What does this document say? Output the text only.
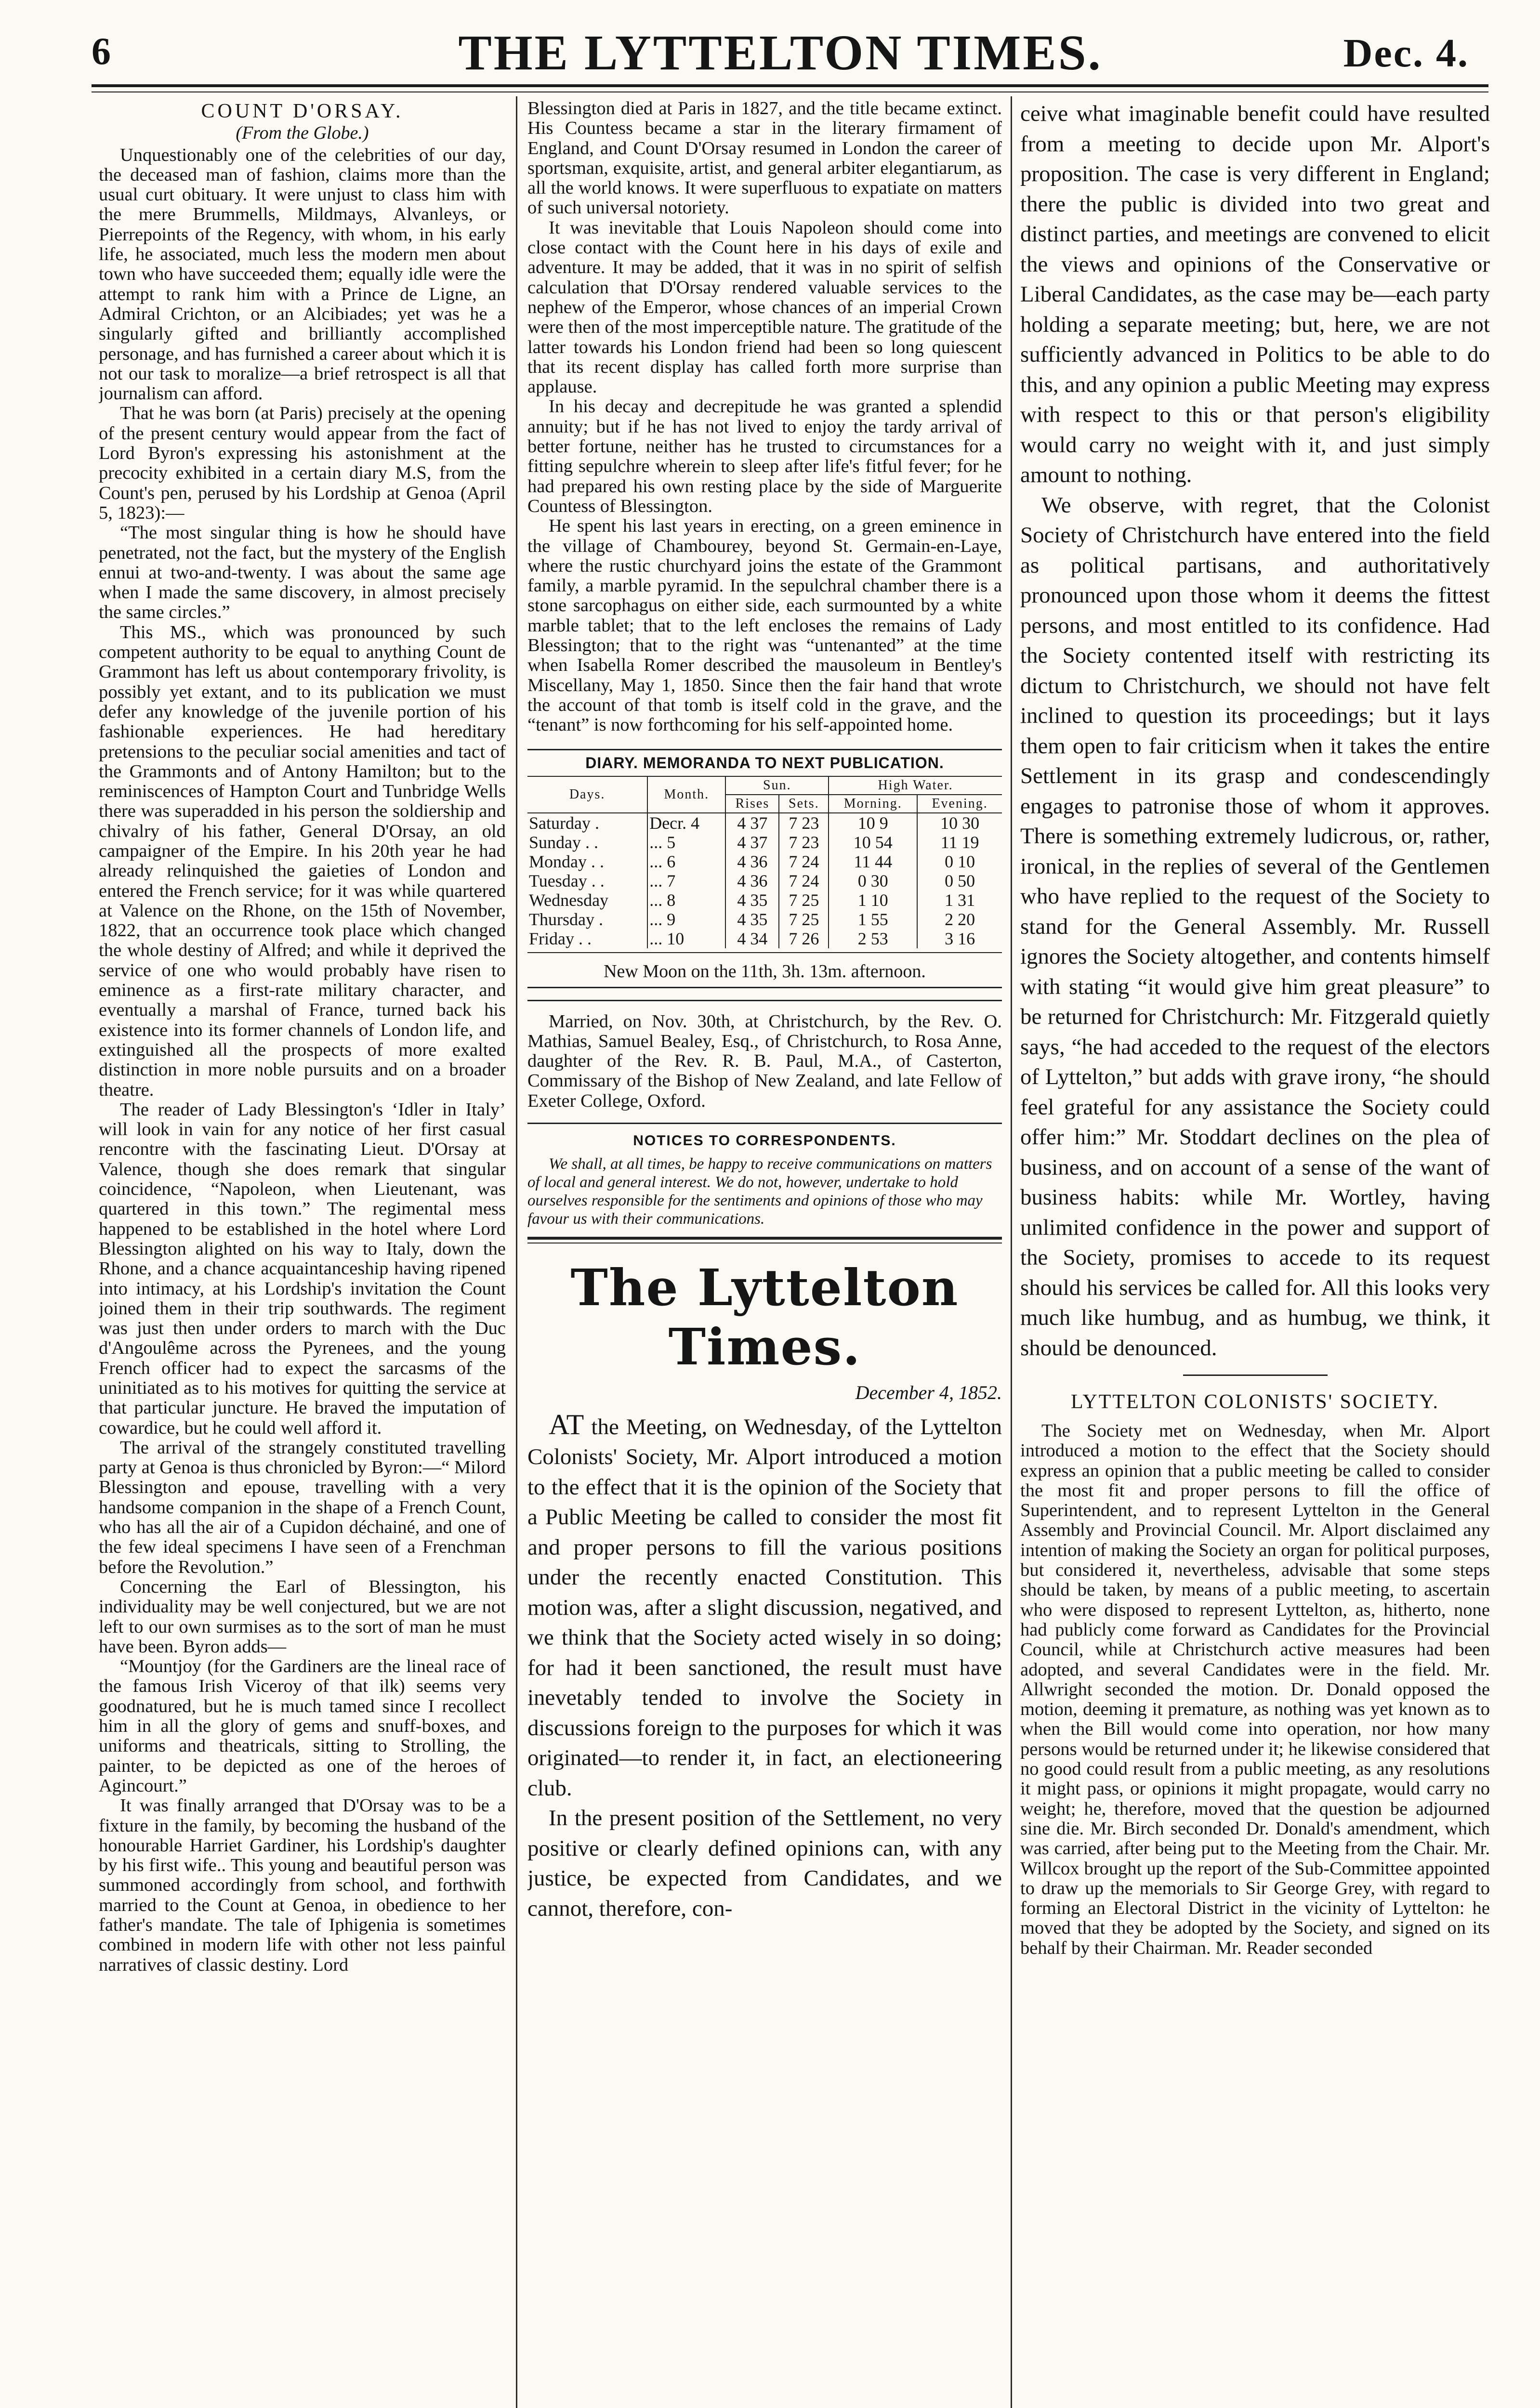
6	THE LYTTELTON TIMES.	Dec. 4.
COUNT D'ORSAY.
(From the Globe.)

Unquestionably one of the celebrities of our day, the deceased man of fashion, claims more than the usual curt obituary. It were unjust to class him with the mere Brummells, Mildmays, Alvanleys, or Pierrepoints of the Regency, with whom, in his early life, he associated, much less the modern men about town who have succeeded them; equally idle were the attempt to rank him with a Prince de Ligne, an Admiral Crichton, or an Alcibiades; yet was he a singularly gifted and brilliantly accomplished personage, and has furnished a career about which it is not our task to moralize—a brief retrospect is all that journalism can afford.

That he was born (at Paris) precisely at the opening of the present century would appear from the fact of Lord Byron's expressing his astonishment at the precocity exhibited in a certain diary M.S, from the Count's pen, perused by his Lordship at Genoa (April 5, 1823):—

“The most singular thing is how he should have penetrated, not the fact, but the mystery of the English ennui at two-and-twenty. I was about the same age when I made the same discovery, in almost precisely the same circles.”

This MS., which was pronounced by such competent authority to be equal to anything Count de Grammont has left us about contemporary frivolity, is possibly yet extant, and to its publication we must defer any knowledge of the juvenile portion of his fashionable experiences. He had hereditary pretensions to the peculiar social amenities and tact of the Grammonts and of Antony Hamilton; but to the reminiscences of Hampton Court and Tunbridge Wells there was superadded in his person the soldiership and chivalry of his father, General D'Orsay, an old campaigner of the Empire. In his 20th year he had already relinquished the gaieties of London and entered the French service; for it was while quartered at Valence on the Rhone, on the 15th of November, 1822, that an occurrence took place which changed the whole destiny of Alfred; and while it deprived the service of one who would probably have risen to eminence as a first-rate military character, and eventually a marshal of France, turned back his existence into its former channels of London life, and extinguished all the prospects of more exalted distinction in more noble pursuits and on a broader theatre.

The reader of Lady Blessington's ‘Idler in Italy’ will look in vain for any notice of her first casual rencontre with the fascinating Lieut. D'Orsay at Valence, though she does remark that singular coincidence, “Napoleon, when Lieutenant, was quartered in this town.” The regimental mess happened to be established in the hotel where Lord Blessington alighted on his way to Italy, down the Rhone, and a chance acquaintanceship having ripened into intimacy, at his Lordship's invitation the Count joined them in their trip southwards. The regiment was just then under orders to march with the Duc d'Angoulême across the Pyrenees, and the young French officer had to expect the sarcasms of the uninitiated as to his motives for quitting the service at that particular juncture. He braved the imputation of cowardice, but he could well afford it.

The arrival of the strangely constituted travelling party at Genoa is thus chronicled by Byron:—“ Milord Blessington and epouse, travelling with a very handsome companion in the shape of a French Count, who has all the air of a Cupidon déchainé, and one of the few ideal specimens I have seen of a Frenchman before the Revolution.”

Concerning the Earl of Blessington, his individuality may be well conjectured, but we are not left to our own surmises as to the sort of man he must have been. Byron adds—

“Mountjoy (for the Gardiners are the lineal race of the famous Irish Viceroy of that ilk) seems very goodnatured, but he is much tamed since I recollect him in all the glory of gems and snuff-boxes, and uniforms and theatricals, sitting to Strolling, the painter, to be depicted as one of the heroes of Agincourt.”

It was finally arranged that D'Orsay was to be a fixture in the family, by becoming the husband of the honourable Harriet Gardiner, his Lordship's daughter by his first wife.. This young and beautiful person was summoned accordingly from school, and forthwith married to the Count at Genoa, in obedience to her father's mandate. The tale of Iphigenia is sometimes combined in modern life with other not less painful narratives of classic destiny. Lord

Blessington died at Paris in 1827, and the title became extinct. His Countess became a star in the literary firmament of England, and Count D'Orsay resumed in London the career of sportsman, exquisite, artist, and general arbiter elegantiarum, as all the world knows. It were superfluous to expatiate on matters of such universal notoriety.

It was inevitable that Louis Napoleon should come into close contact with the Count here in his days of exile and adventure. It may be added, that it was in no spirit of selfish calculation that D'Orsay rendered valuable services to the nephew of the Emperor, whose chances of an imperial Crown were then of the most imperceptible nature. The gratitude of the latter towards his London friend had been so long quiescent that its recent display has called forth more surprise than applause.

In his decay and decrepitude he was granted a splendid annuity; but if he has not lived to enjoy the tardy arrival of better fortune, neither has he trusted to circumstances for a fitting sepulchre wherein to sleep after life's fitful fever; for he had prepared his own resting place by the side of Marguerite Countess of Blessington.

He spent his last years in erecting, on a green eminence in the village of Chambourey, beyond St. Germain-en-Laye, where the rustic churchyard joins the estate of the Grammont family, a marble pyramid. In the sepulchral chamber there is a stone sarcophagus on either side, each surmounted by a white marble tablet; that to the left encloses the remains of Lady Blessington; that to the right was “untenanted” at the time when Isabella Romer described the mausoleum in Bentley's Miscellany, May 1, 1850. Since then the fair hand that wrote the account of that tomb is itself cold in the grave, and the “tenant” is now forthcoming for his self-appointed home.

DIARY. MEMORANDA TO NEXT PUBLICATION.
Days.	Month.	Sun.		High Water.	
		Rises	Sets.	Morning.	Evening.
Saturday .	Decr. 4	4 37	7 23	10 9	10 30
Sunday . .	... 5	4 37	7 23	10 54	11 19
Monday . .	... 6	4 36	7 24	11 44	0 10
Tuesday . .	... 7	4 36	7 24	0 30	0 50
Wednesday	... 8	4 35	7 25	1 10	1 31
Thursday .	... 9	4 35	7 25	1 55	2 20
Friday . .	... 10	4 34	7 26	2 53	3 16
New Moon on the 11th, 3h. 13m. afternoon.

Married, on Nov. 30th, at Christchurch, by the Rev. O. Mathias, Samuel Bealey, Esq., of Christchurch, to Rosa Anne, daughter of the Rev. R. B. Paul, M.A., of Casterton, Commissary of the Bishop of New Zealand, and late Fellow of Exeter College, Oxford.

NOTICES TO CORRESPONDENTS.

We shall, at all times, be happy to receive communications on matters of local and general interest. We do not, however, undertake to hold ourselves responsible for the sentiments and opinions of those who may favour us with their communications.

The Lyttelton Times.
December 4, 1852.

AT the Meeting, on Wednesday, of the Lyttelton Colonists' Society, Mr. Alport introduced a motion to the effect that it is the opinion of the Society that a Public Meeting be called to consider the most fit and proper persons to fill the various positions under the recently enacted Constitution. This motion was, after a slight discussion, negatived, and we think that the Society acted wisely in so doing; for had it been sanctioned, the result must have inevetably tended to involve the Society in discussions foreign to the purposes for which it was originated—to render it, in fact, an electioneering club.

In the present position of the Settlement, no very positive or clearly defined opinions can, with any justice, be expected from Candidates, and we cannot, therefore, con-

ceive what imaginable benefit could have resulted from a meeting to decide upon Mr. Alport's proposition. The case is very different in England; there the public is divided into two great and distinct parties, and meetings are convened to elicit the views and opinions of the Conservative or Liberal Candidates, as the case may be—each party holding a separate meeting; but, here, we are not sufficiently advanced in Politics to be able to do this, and any opinion a public Meeting may express with respect to this or that person's eligibility would carry no weight with it, and just simply amount to nothing.

We observe, with regret, that the Colonist Society of Christchurch have entered into the field as political partisans, and authoritatively pronounced upon those whom it deems the fittest persons, and most entitled to its confidence. Had the Society contented itself with restricting its dictum to Christchurch, we should not have felt inclined to question its proceedings; but it lays them open to fair criticism when it takes the entire Settlement in its grasp and condescendingly engages to patronise those of whom it approves. There is something extremely ludicrous, or, rather, ironical, in the replies of several of the Gentlemen who have replied to the request of the Society to stand for the General Assembly. Mr. Russell ignores the Society altogether, and contents himself with stating “it would give him great pleasure” to be returned for Christchurch: Mr. Fitzgerald quietly says, “he had acceded to the request of the electors of Lyttelton,” but adds with grave irony, “he should feel grateful for any assistance the Society could offer him:” Mr. Stoddart declines on the plea of business, and on account of a sense of the want of business habits: while Mr. Wortley, having unlimited confidence in the power and support of the Society, promises to accede to its request should his services be called for. All this looks very much like humbug, and as humbug, we think, it should be denounced.

LYTTELTON COLONISTS' SOCIETY.

The Society met on Wednesday, when Mr. Alport introduced a motion to the effect that the Society should express an opinion that a public meeting be called to consider the most fit and proper persons to fill the office of Superintendent, and to represent Lyttelton in the General Assembly and Provincial Council. Mr. Alport disclaimed any intention of making the Society an organ for political purposes, but considered it, nevertheless, advisable that some steps should be taken, by means of a public meeting, to ascertain who were disposed to represent Lyttelton, as, hitherto, none had publicly come forward as Candidates for the Provincial Council, while at Christchurch active measures had been adopted, and several Candidates were in the field. Mr. Allwright seconded the motion. Dr. Donald opposed the motion, deeming it premature, as nothing was yet known as to when the Bill would come into operation, nor how many persons would be returned under it; he likewise considered that no good could result from a public meeting, as any resolutions it might pass, or opinions it might propagate, would carry no weight; he, therefore, moved that the question be adjourned sine die. Mr. Birch seconded Dr. Donald's amendment, which was carried, after being put to the Meeting from the Chair. Mr. Willcox brought up the report of the Sub-Committee appointed to draw up the memorials to Sir George Grey, with regard to forming an Electoral District in the vicinity of Lyttelton: he moved that they be adopted by the Society, and signed on its behalf by their Chairman. Mr. Reader seconded
